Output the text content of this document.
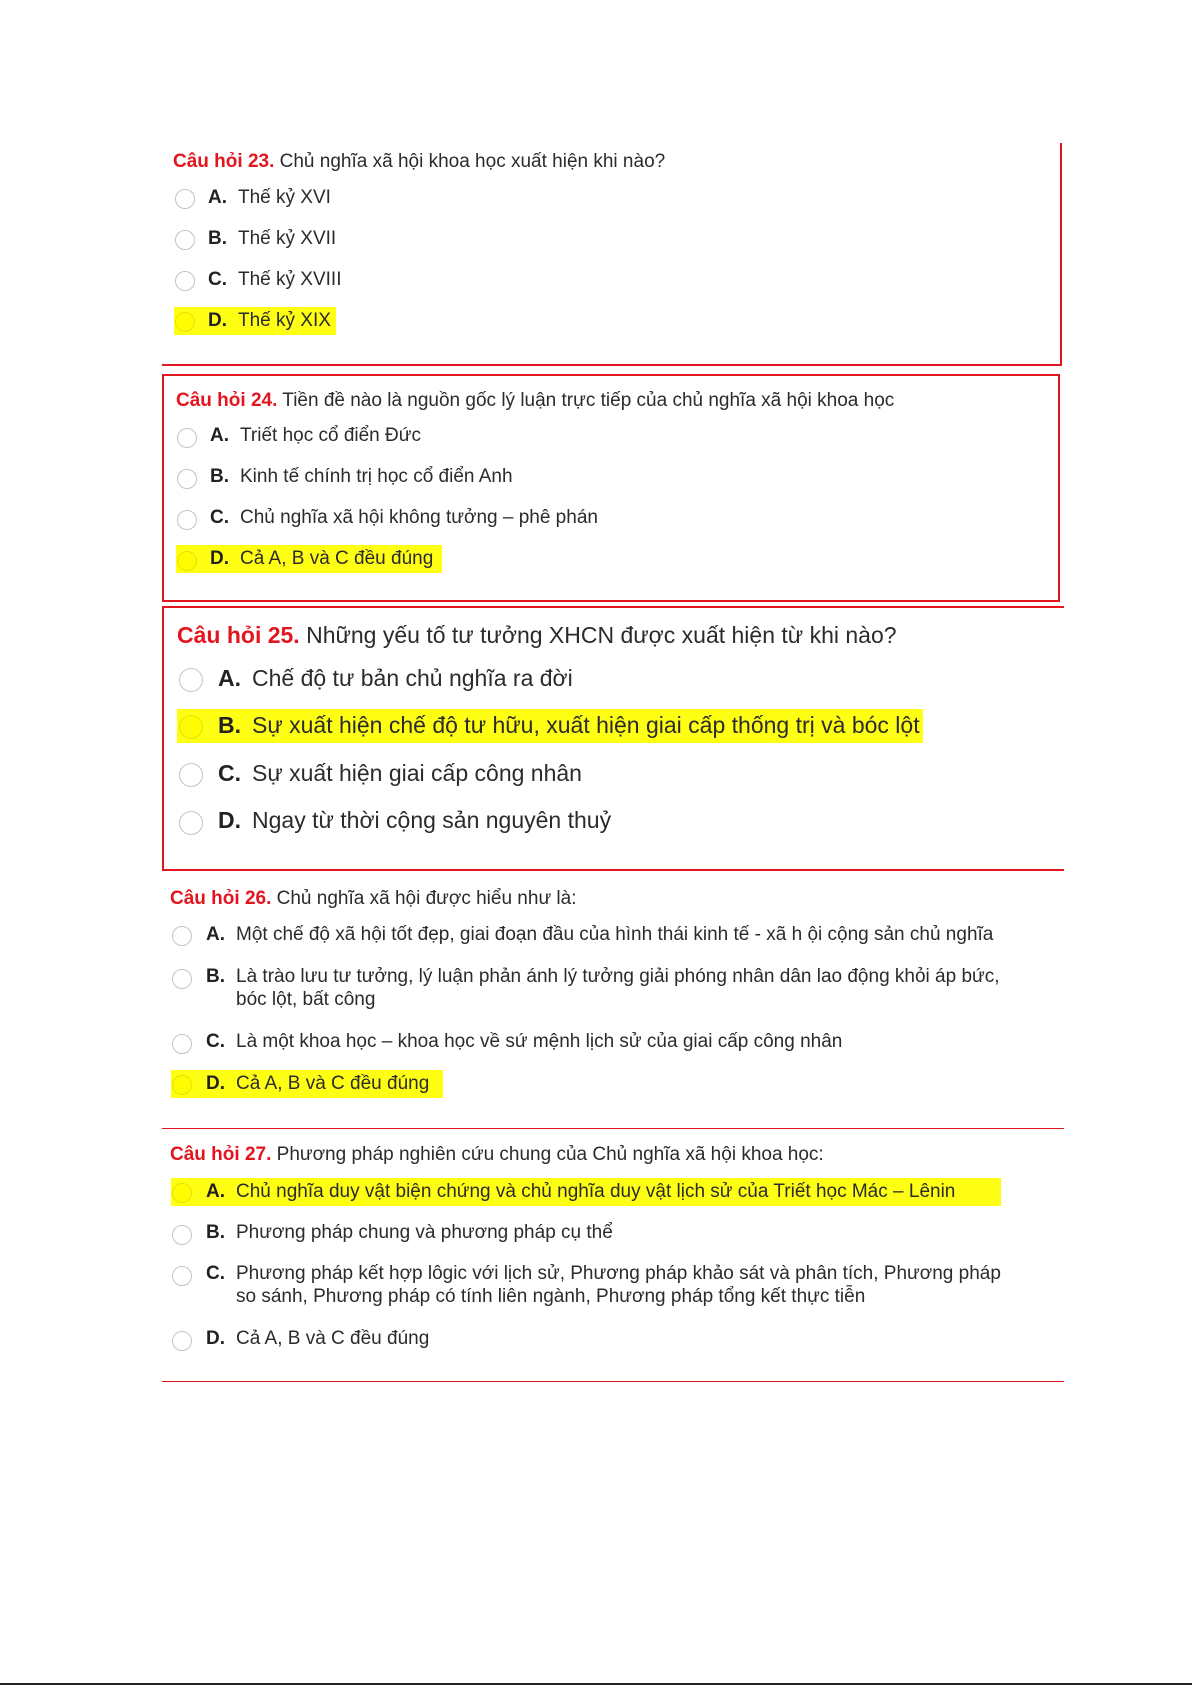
Câu hỏi 23. Chủ nghĩa xã hội khoa học xuất hiện khi nào?
A. Thế kỷ XVI
B. Thế kỷ XVII
C. Thế kỷ XVIII
D. Thế kỷ XIX
Câu hỏi 24. Tiền đề nào là nguồn gốc lý luận trực tiếp của chủ nghĩa xã hội khoa học
A. Triết học cổ điển Đức
B. Kinh tế chính trị học cổ điển Anh
C. Chủ nghĩa xã hội không tưởng – phê phán
D. Cả A, B và C đều đúng
Câu hỏi 25. Những yếu tố tư tưởng XHCN được xuất hiện từ khi nào?
A. Chế độ tư bản chủ nghĩa ra đời
B. Sự xuất hiện chế độ tư hữu, xuất hiện giai cấp thống trị và bóc lột
C. Sự xuất hiện giai cấp công nhân
D. Ngay từ thời cộng sản nguyên thuỷ
Câu hỏi 26. Chủ nghĩa xã hội được hiểu như là:
A. Một chế độ xã hội tốt đẹp, giai đoạn đầu của hình thái kinh tế - xã h ội cộng sản chủ nghĩa
B. Là trào lưu tư tưởng, lý luận phản ánh lý tưởng giải phóng nhân dân lao động khỏi áp bức,
bóc lột, bất công
C. Là một khoa học – khoa học về sứ mệnh lịch sử của giai cấp công nhân
D. Cả A, B và C đều đúng
Câu hỏi 27. Phương pháp nghiên cứu chung của Chủ nghĩa xã hội khoa học:
A. Chủ nghĩa duy vật biện chứng và chủ nghĩa duy vật lịch sử của Triết học Mác – Lênin
B. Phương pháp chung và phương pháp cụ thể
C. Phương pháp kết hợp lôgic với lịch sử, Phương pháp khảo sát và phân tích, Phương pháp
so sánh, Phương pháp có tính liên ngành, Phương pháp tổng kết thực tiễn
D. Cả A, B và C đều đúng
